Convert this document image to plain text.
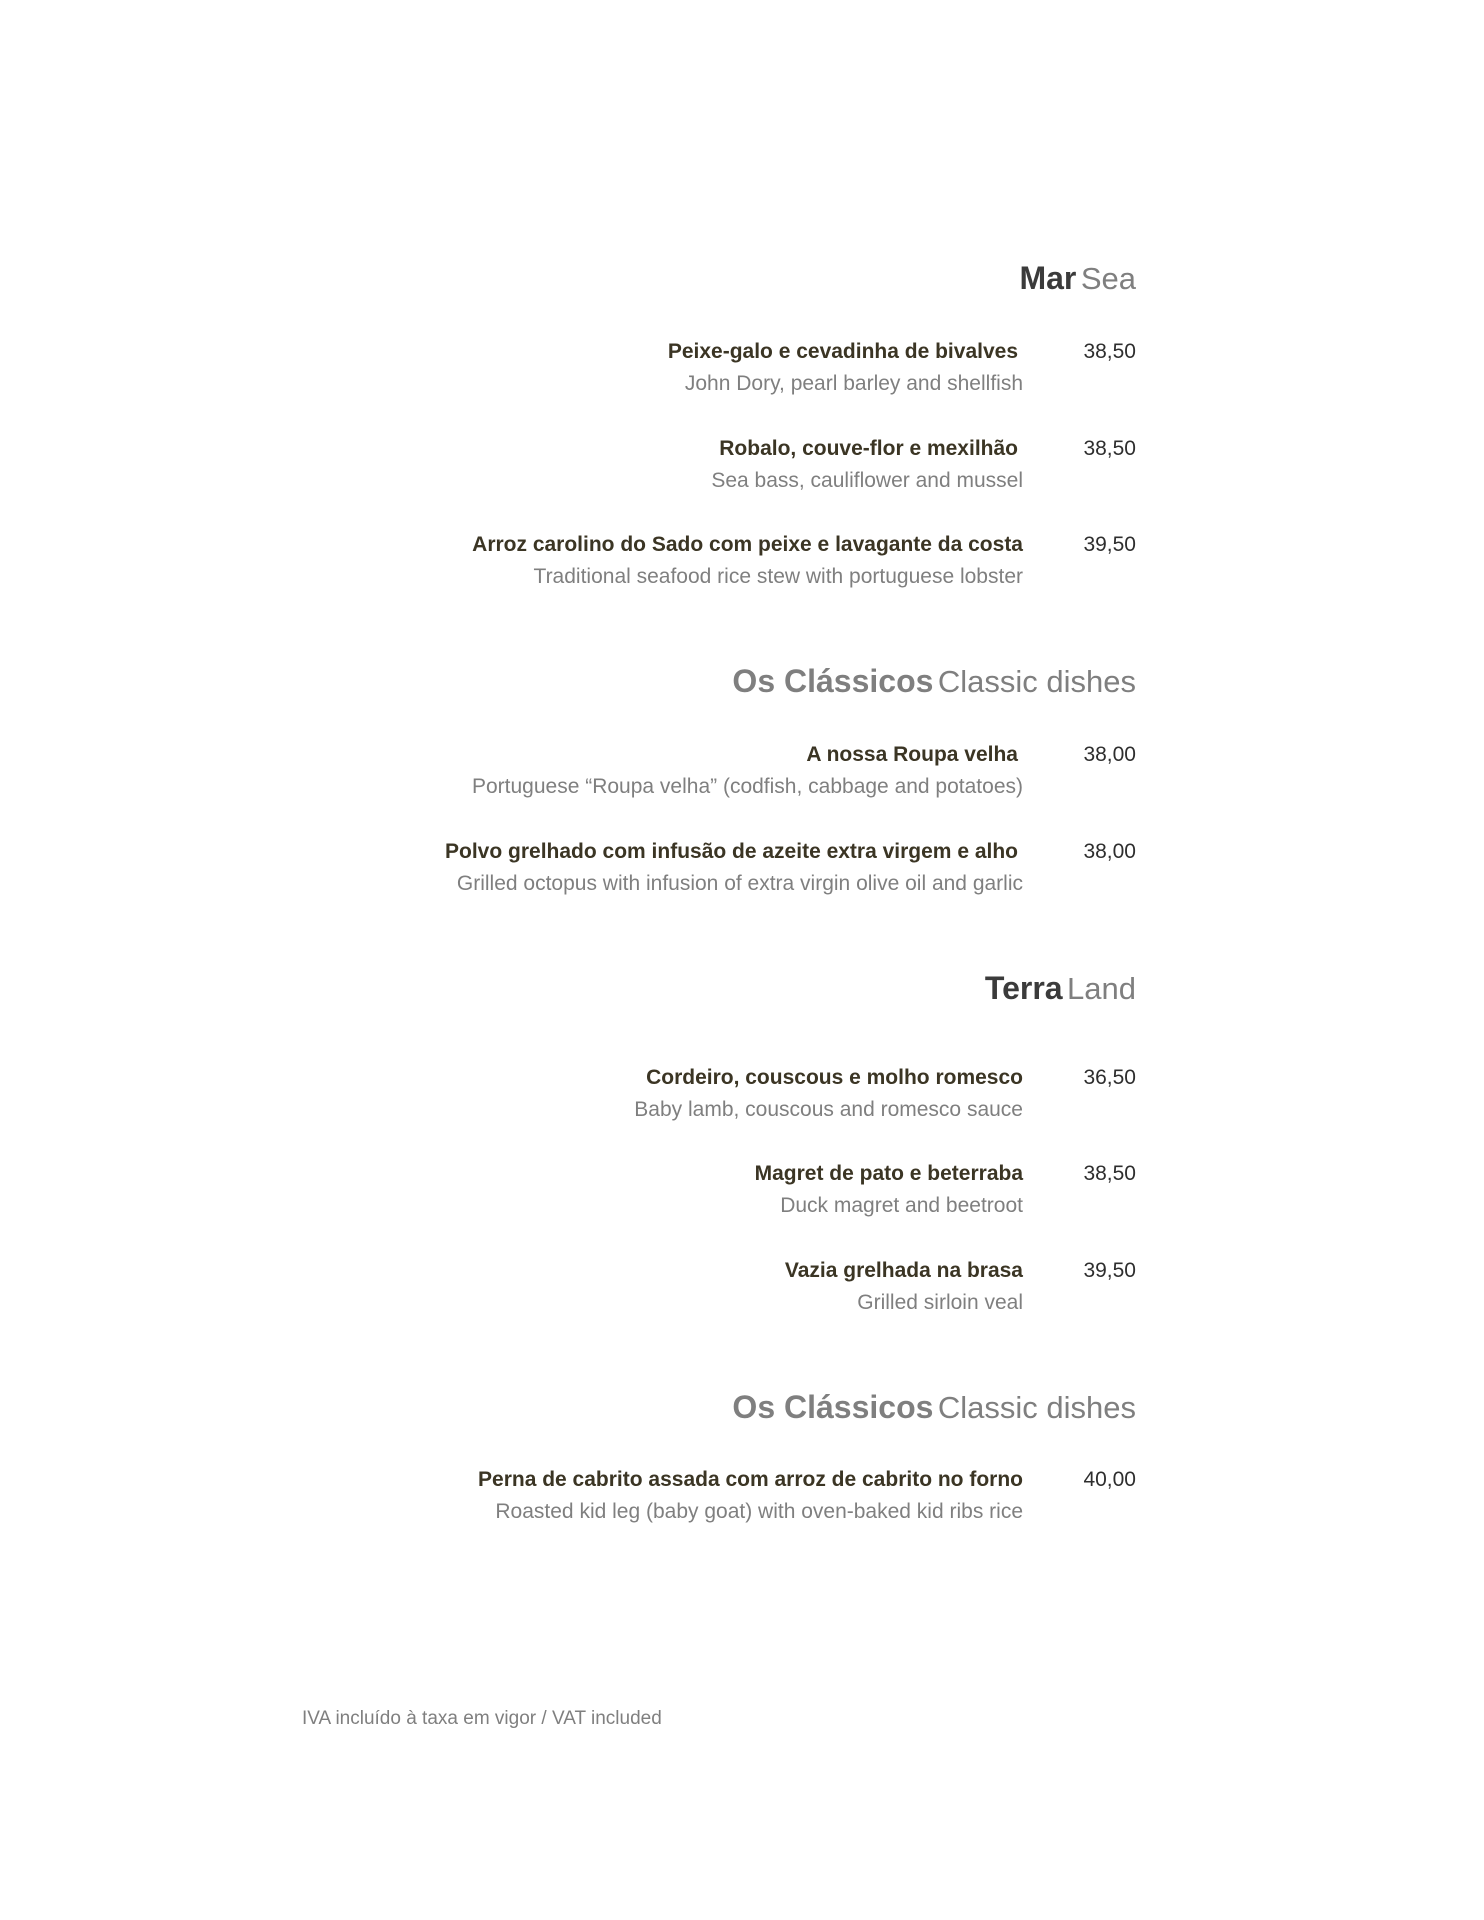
Mar Sea
Peixe-galo e cevadinha de bivalves	38,50
John Dory, pearl barley and shellfish
Robalo, couve-flor e mexilhão	38,50
Sea bass, cauliflower and mussel
Arroz carolino do Sado com peixe e lavagante da costa	39,50
Traditional seafood rice stew with portuguese lobster
Os Clássicos Classic dishes
A nossa Roupa velha	38,00
Portuguese “Roupa velha” (codfish, cabbage and potatoes)
Polvo grelhado com infusão de azeite extra virgem e alho	38,00
Grilled octopus with infusion of extra virgin olive oil and garlic
Terra Land
Cordeiro, couscous e molho romesco	36,50
Baby lamb, couscous and romesco sauce
Magret de pato e beterraba	38,50
Duck magret and beetroot
Vazia grelhada na brasa	39,50
Grilled sirloin veal
Os Clássicos Classic dishes
Perna de cabrito assada com arroz de cabrito no forno	40,00
Roasted kid leg (baby goat) with oven-baked kid ribs rice
IVA incluído à taxa em vigor / VAT included
